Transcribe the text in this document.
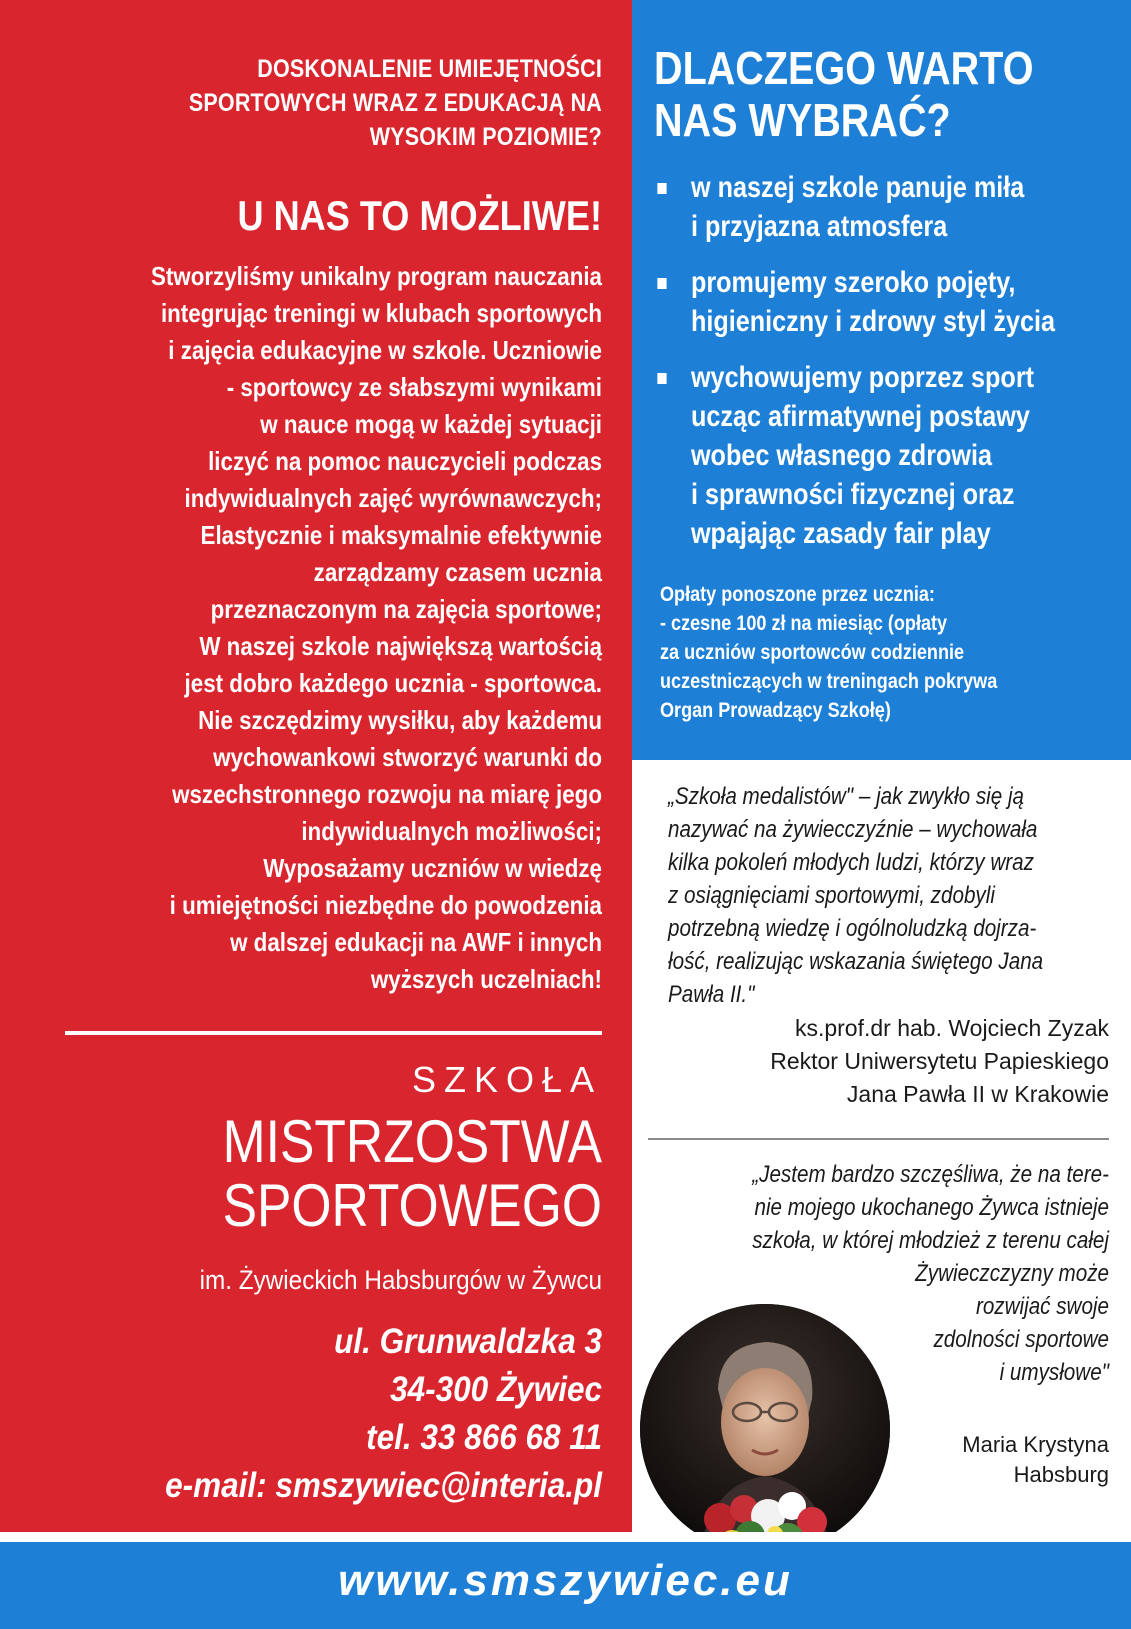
DOSKONALENIE UMIEJĘTNOŚCI
SPORTOWYCH WRAZ Z EDUKACJĄ NA
WYSOKIM POZIOMIE?
U NAS TO MOŻLIWE!
Stworzyliśmy unikalny program nauczania
integrując treningi w klubach sportowych
i zajęcia edukacyjne w szkole. Uczniowie
- sportowcy ze słabszymi wynikami
w nauce mogą w każdej sytuacji
liczyć na pomoc nauczycieli podczas
indywidualnych zajęć wyrównawczych;
Elastycznie i maksymalnie efektywnie
zarządzamy czasem ucznia
przeznaczonym na zajęcia sportowe;
W naszej szkole największą wartością
jest dobro każdego ucznia - sportowca.
Nie szczędzimy wysiłku, aby każdemu
wychowankowi stworzyć warunki do
wszechstronnego rozwoju na miarę jego
indywidualnych możliwości;
Wyposażamy uczniów w wiedzę
i umiejętności niezbędne do powodzenia
w dalszej edukacji na AWF i innych
wyższych uczelniach!
SZKOŁA
MISTRZOSTWA
SPORTOWEGO
im. Żywieckich Habsburgów w Żywcu
ul. Grunwaldzka 3
34-300 Żywiec
tel. 33 866 68 11
e-mail: smszywiec@interia.pl
DLACZEGO WARTO
NAS WYBRAĆ?
w naszej szkole panuje miła
i przyjazna atmosfera
promujemy szeroko pojęty,
higieniczny i zdrowy styl życia
wychowujemy poprzez sport
ucząc afirmatywnej postawy
wobec własnego zdrowia
i sprawności fizycznej oraz
wpajając zasady fair play
Opłaty ponoszone przez ucznia:
- czesne 100 zł na miesiąc (opłaty
za uczniów sportowców codziennie
uczestniczących w treningach pokrywa
Organ Prowadzący Szkołę)
„Szkoła medalistów" – jak zwykło się ją
nazywać na żywiecczyźnie – wychowała
kilka pokoleń młodych ludzi, którzy wraz
z osiągnięciami sportowymi, zdobyli
potrzebną wiedzę i ogólnoludzką dojrza-
łość, realizując wskazania świętego Jana
Pawła II."
ks.prof.dr hab. Wojciech Zyzak
Rektor Uniwersytetu Papieskiego
Jana Pawła II w Krakowie
„Jestem bardzo szczęśliwa, że na tere-
nie mojego ukochanego Żywca istnieje
szkoła, w której młodzież z terenu całej
Żywieczczyzny może
rozwijać swoje
zdolności sportowe
i umysłowe"
Maria Krystyna
Habsburg
www.smszywiec.eu
